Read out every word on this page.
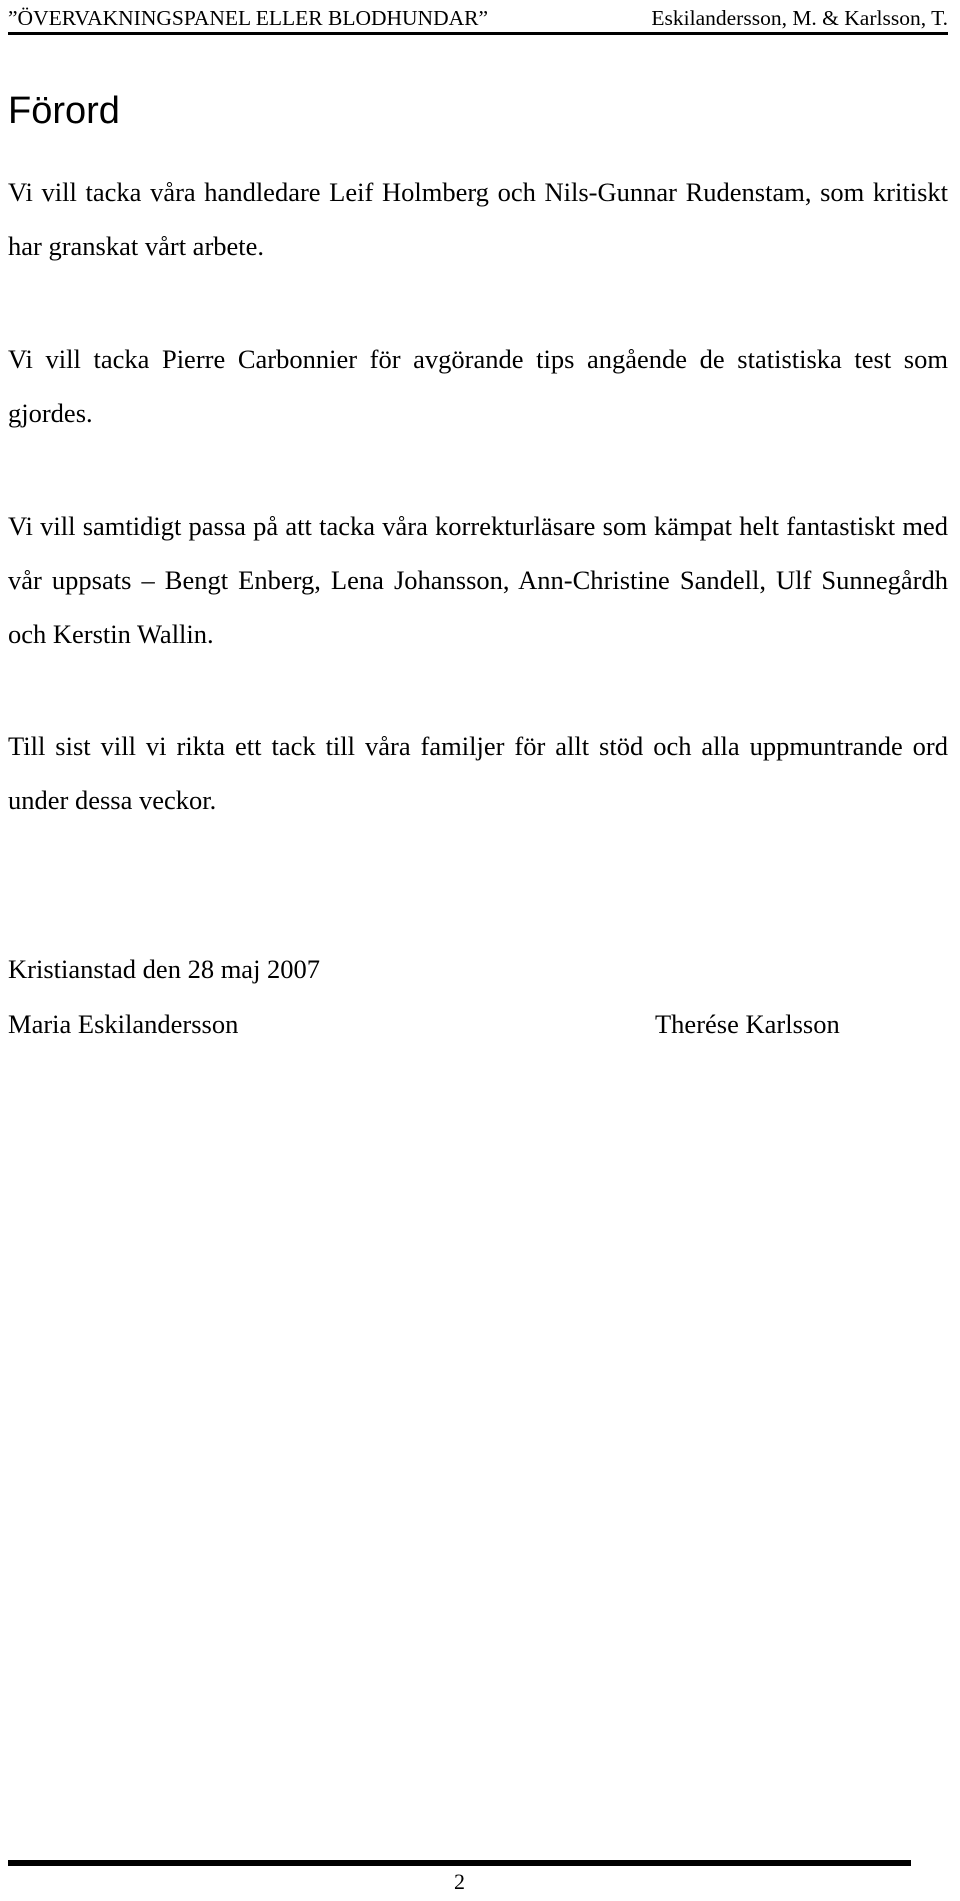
”ÖVERVAKNINGSPANEL ELLER BLODHUNDAR”	Eskilandersson, M. & Karlsson, T.
Förord

Vi vill tacka våra handledare Leif Holmberg och Nils-Gunnar Rudenstam, som kritiskt har granskat vårt arbete.

Vi vill tacka Pierre Carbonnier för avgörande tips angående de statistiska test som gjordes.

Vi vill samtidigt passa på att tacka våra korrekturläsare som kämpat helt fantastiskt med vår uppsats – Bengt Enberg, Lena Johansson, Ann-Christine Sandell, Ulf Sunnegårdh och Kerstin Wallin.

Till sist vill vi rikta ett tack till våra familjer för allt stöd och alla uppmuntrande ord under dessa veckor.

Kristianstad den 28 maj 2007

Maria Eskilandersson	Therése Karlsson
2
